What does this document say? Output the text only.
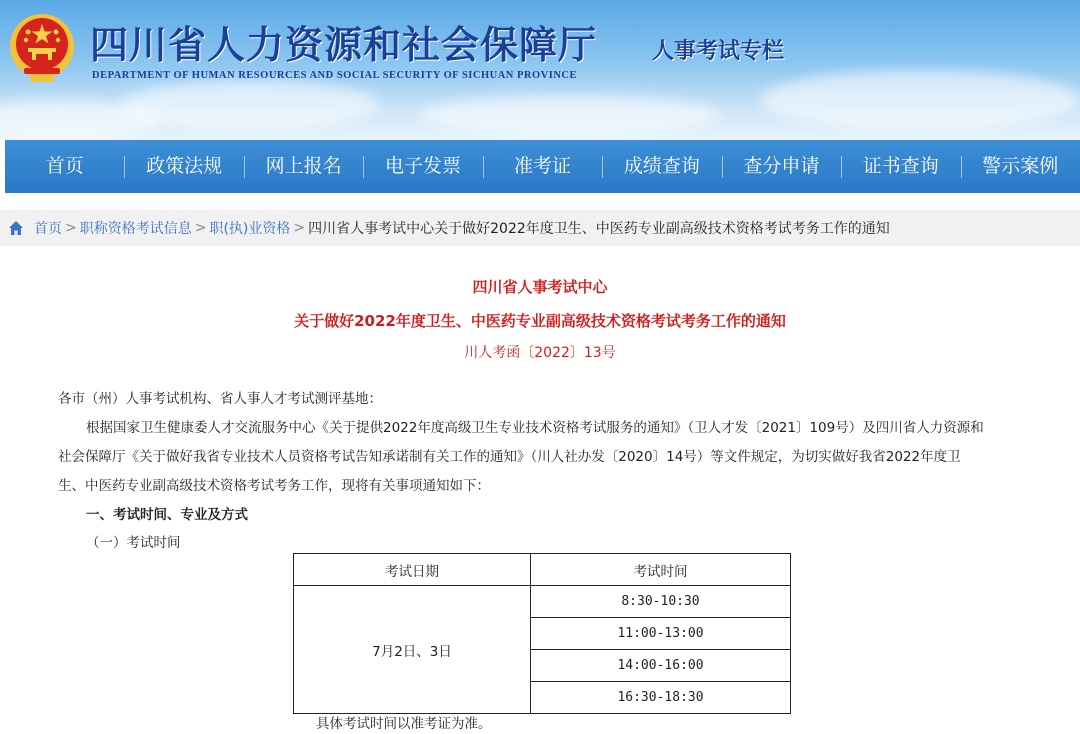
四川省人力资源和社会保障厅
DEPARTMENT OF HUMAN RESOURCES AND SOCIAL SECURITY OF SICHUAN PROVINCE
人事考试专栏
首页	政策法规	网上报名	电子发票	准考证	成绩查询	查分申请	证书查询	警示案例
首页 > 职称资格考试信息 > 职(执)业资格 > 四川省人事考试中心关于做好2022年度卫生、中医药专业副高级技术资格考试考务工作的通知
四川省人事考试中心
关于做好2022年度卫生、中医药专业副高级技术资格考试考务工作的通知
川人考函〔2022〕13号
各市（州）人事考试机构、省人事人才考试测评基地：
根据国家卫生健康委人才交流服务中心《关于提供2022年度高级卫生专业技术资格考试服务的通知》（卫人才发〔2021〕109号）及四川省人力资源和
社会保障厅《关于做好我省专业技术人员资格考试告知承诺制有关工作的通知》（川人社办发〔2020〕14号）等文件规定，为切实做好我省2022年度卫
生、中医药专业副高级技术资格考试考务工作，现将有关事项通知如下：
一、考试时间、专业及方式
（一）考试时间
考试日期	考试时间
7月2日、3日	8:30-10:30
	11:00-13:00
	14:00-16:00
	16:30-18:30
具体考试时间以准考证为准。
